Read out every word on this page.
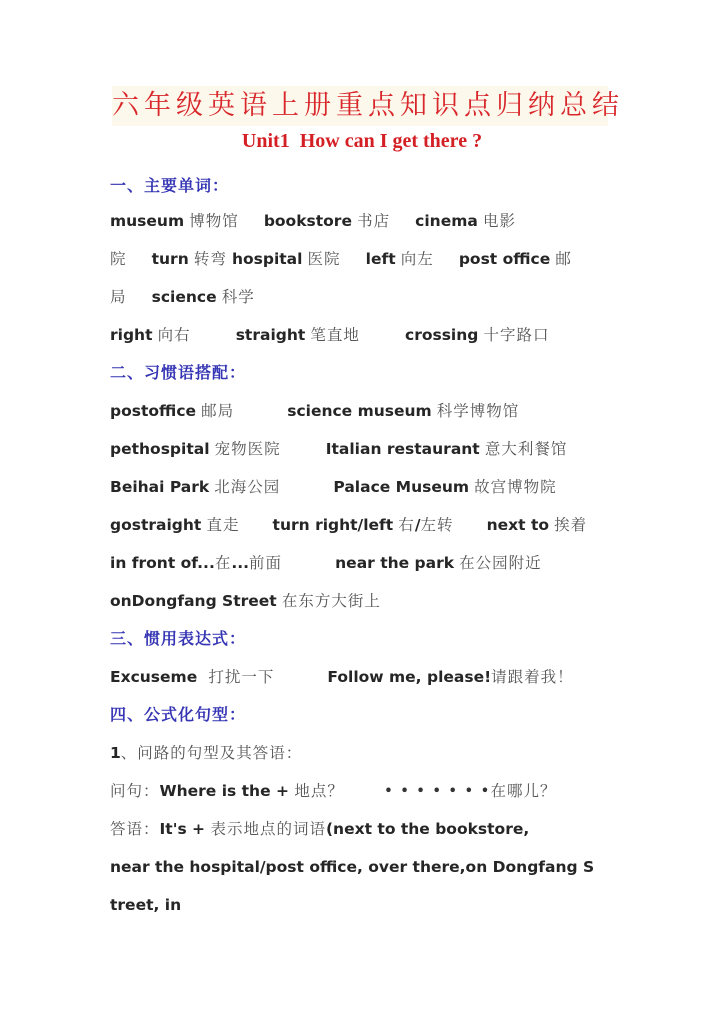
六年级英语上册重点知识点归纳总结
Unit1  How can I get there ?
一、主要单词：
museum 博物馆 bookstore 书店 cinema 电影
院 turn 转弯 hospital 医院 left 向左 post office 邮
局 science 科学
right 向右	straight 笔直地	crossing 十字路口
二、习惯语搭配：
postoffice 邮局	science museum 科学博物馆
pethospital 宠物医院	Italian restaurant 意大利餐馆
Beihai Park 北海公园	Palace Museum 故宫博物院
gostraight 直走 turn right/left 右/左转 next to 挨着
in front of...在...前面	near the park 在公园附近
onDongfang Street 在东方大街上
三、惯用表达式：
Excuseme 打扰一下	Follow me, please!请跟着我！
四、公式化句型：
1、问路的句型及其答语：
问句：Where is the + 地点？	• • • • • • •在哪儿？
答语：It's + 表示地点的词语(next to the bookstore,
near the hospital/post office, over there,on Dongfang S
treet, in
